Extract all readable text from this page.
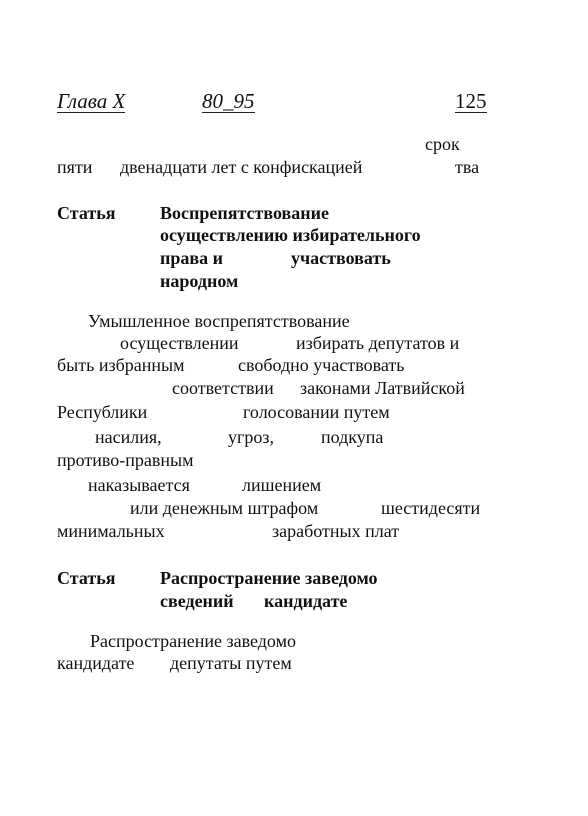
Глава X	80_95	125
срок
пяти двенадцати лет с конфискацией	тва
Статья Воспрепятствование
осуществлению избирательного
права и	участвовать
народном
Умышленное воспрепятствование
осуществлении	избирать депутатов и
быть избранным	свободно участвовать
соответствии законами Латвийской
Республики	голосовании путем
насилия,	угроз,	подкупа
противо-правным
наказывается	лишением
или денежным штрафом	шестидесяти
минимальных	заработных плат
Статья Распространение заведомо
сведений кандидате
Распространение заведомо
кандидате депутаты путем
